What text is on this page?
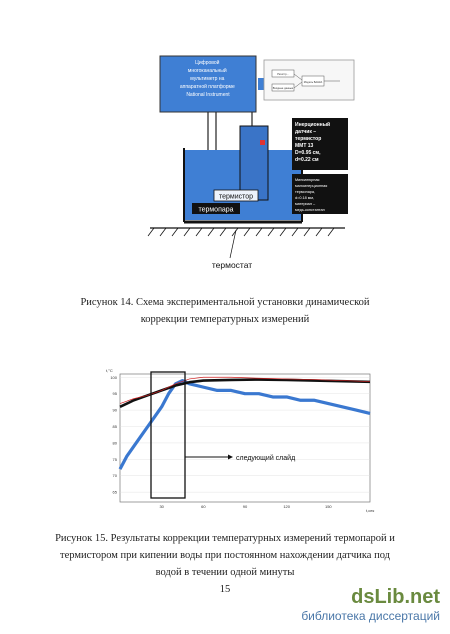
Цифровой многоканальный мультиметр на аппаратной платформе National Instrument
Регистр...
Входные данные
Модель БАНКА
Инерционный датчик – термистор ММТ 13 D=0.95 см, d=0.22 см
Миниатюрная малоинерционная термопара, d=0.18 мм, материал – медь-константан
термистор
термопара
термостат
Рисунок 14. Схема экспериментальной установки динамической
коррекции температурных измерений
100
95
90
85
80
75
70
65
30	60	90	120	150
t,°C
t,сек
следующий слайд
Рисунок 15. Результаты коррекции температурных измерений термопарой и
термистором при кипении воды при постоянном нахождении датчика под
водой в течении одной минуты
15	dsLib.net
библиотека диссертаций
